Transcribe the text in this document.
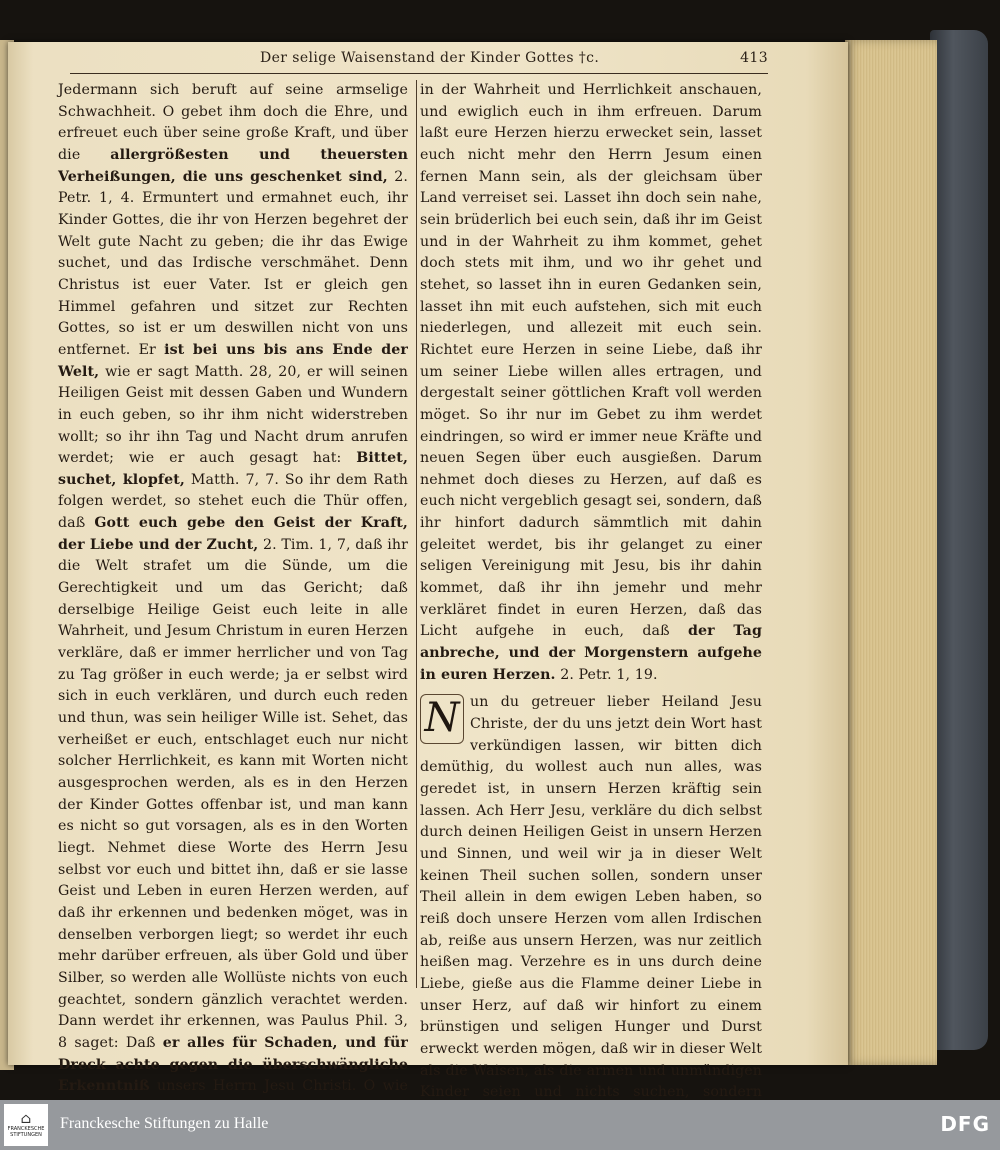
Der selige Waisenstand der Kinder Gottes †c.	413

Jedermann sich beruft auf seine armselige Schwachheit. O gebet ihm doch die Ehre, und erfreuet euch über seine große Kraft, und über die allergrößesten und theuersten Verheißungen, die uns geschenket sind, 2. Petr. 1, 4. Ermuntert und ermahnet euch, ihr Kinder Gottes, die ihr von Herzen begehret der Welt gute Nacht zu geben; die ihr das Ewige suchet, und das Irdische verschmähet. Denn Christus ist euer Vater. Ist er gleich gen Himmel gefahren und sitzet zur Rechten Gottes, so ist er um deswillen nicht von uns entfernet. Er ist bei uns bis ans Ende der Welt, wie er sagt Matth. 28, 20, er will seinen Heiligen Geist mit dessen Gaben und Wundern in euch geben, so ihr ihm nicht widerstreben wollt; so ihr ihn Tag und Nacht drum anrufen werdet; wie er auch gesagt hat: Bittet, suchet, klopfet, Matth. 7, 7. So ihr dem Rath folgen werdet, so stehet euch die Thür offen, daß Gott euch gebe den Geist der Kraft, der Liebe und der Zucht, 2. Tim. 1, 7, daß ihr die Welt strafet um die Sünde, um die Gerechtigkeit und um das Gericht; daß derselbige Heilige Geist euch leite in alle Wahrheit, und Jesum Christum in euren Herzen verkläre, daß er immer herrlicher und von Tag zu Tag größer in euch werde; ja er selbst wird sich in euch verklären, und durch euch reden und thun, was sein heiliger Wille ist. Sehet, das verheißet er euch, entschlaget euch nur nicht solcher Herrlichkeit, es kann mit Worten nicht ausgesprochen werden, als es in den Herzen der Kinder Gottes offenbar ist, und man kann es nicht so gut vorsagen, als es in den Worten liegt. Nehmet diese Worte des Herrn Jesu selbst vor euch und bittet ihn, daß er sie lasse Geist und Leben in euren Herzen werden, auf daß ihr erkennen und bedenken möget, was in denselben verborgen liegt; so werdet ihr euch mehr darüber erfreuen, als über Gold und über Silber, so werden alle Wollüste nichts von euch geachtet, sondern gänzlich verachtet werden. Dann werdet ihr erkennen, was Paulus Phil. 3, 8 saget: Daß er alles für Schaden, und für Dreck achte gegen die überschwängliche Erkenntniß unsers Herrn Jesu Christi. O wie

in der Wahrheit und Herrlichkeit anschauen, und ewiglich euch in ihm erfreuen. Darum laßt eure Herzen hierzu erwecket sein, lasset euch nicht mehr den Herrn Jesum einen fernen Mann sein, als der gleichsam über Land verreiset sei. Lasset ihn doch sein nahe, sein brüderlich bei euch sein, daß ihr im Geist und in der Wahrheit zu ihm kommet, gehet doch stets mit ihm, und wo ihr gehet und stehet, so lasset ihn in euren Gedanken sein, lasset ihn mit euch aufstehen, sich mit euch niederlegen, und allezeit mit euch sein. Richtet eure Herzen in seine Liebe, daß ihr um seiner Liebe willen alles ertragen, und dergestalt seiner göttlichen Kraft voll werden möget. So ihr nur im Gebet zu ihm werdet eindringen, so wird er immer neue Kräfte und neuen Segen über euch ausgießen. Darum nehmet doch dieses zu Herzen, auf daß es euch nicht vergeblich gesagt sei, sondern, daß ihr hinfort dadurch sämmtlich mit dahin geleitet werdet, bis ihr gelanget zu einer seligen Vereinigung mit Jesu, bis ihr dahin kommet, daß ihr ihn jemehr und mehr verkläret findet in euren Herzen, daß das Licht aufgehe in euch, daß der Tag anbreche, und der Morgenstern aufgehe in euren Herzen. 2. Petr. 1, 19.

N un du getreuer lieber Heiland Jesu Christe, der du uns jetzt dein Wort hast verkündigen lassen, wir bitten dich demüthig, du wollest auch nun alles, was geredet ist, in unsern Herzen kräftig sein lassen. Ach Herr Jesu, verkläre du dich selbst durch deinen Heiligen Geist in unsern Herzen und Sinnen, und weil wir ja in dieser Welt keinen Theil suchen sollen, sondern unser Theil allein in dem ewigen Leben haben, so reiß doch unsere Herzen vom allen Irdischen ab, reiße aus unsern Herzen, was nur zeitlich heißen mag. Verzehre es in uns durch deine Liebe, gieße aus die Flamme deiner Liebe in unser Herz, auf daß wir hinfort zu einem brünstigen und seligen Hunger und Durst erweckt werden mögen, daß wir in dieser Welt als die Waisen, als die armen und unmündigen Kinder seien und nichts suchen, sondern

⌂
FRANCKESCHE STIFTUNGEN
Franckesche Stiftungen zu Halle	DFG
